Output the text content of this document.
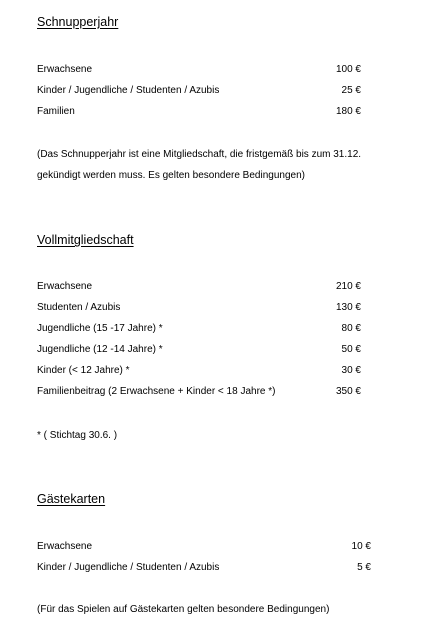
Schnupperjahr
Erwachsene	100 €
Kinder / Jugendliche / Studenten / Azubis	25 €
Familien	180 €
(Das Schnupperjahr ist eine Mitgliedschaft, die fristgemäß bis zum 31.12.
gekündigt werden muss. Es gelten besondere Bedingungen)
Vollmitgliedschaft
Erwachsene	210 €
Studenten / Azubis	130 €
Jugendliche (15 -17 Jahre) *	80 €
Jugendliche (12 -14 Jahre) *	50 €
Kinder (< 12 Jahre) *	30 €
Familienbeitrag (2 Erwachsene + Kinder < 18 Jahre *)	350 €
* ( Stichtag 30.6. )
Gästekarten
Erwachsene	10 €
Kinder / Jugendliche / Studenten / Azubis	5 €
(Für das Spielen auf Gästekarten gelten besondere Bedingungen)
